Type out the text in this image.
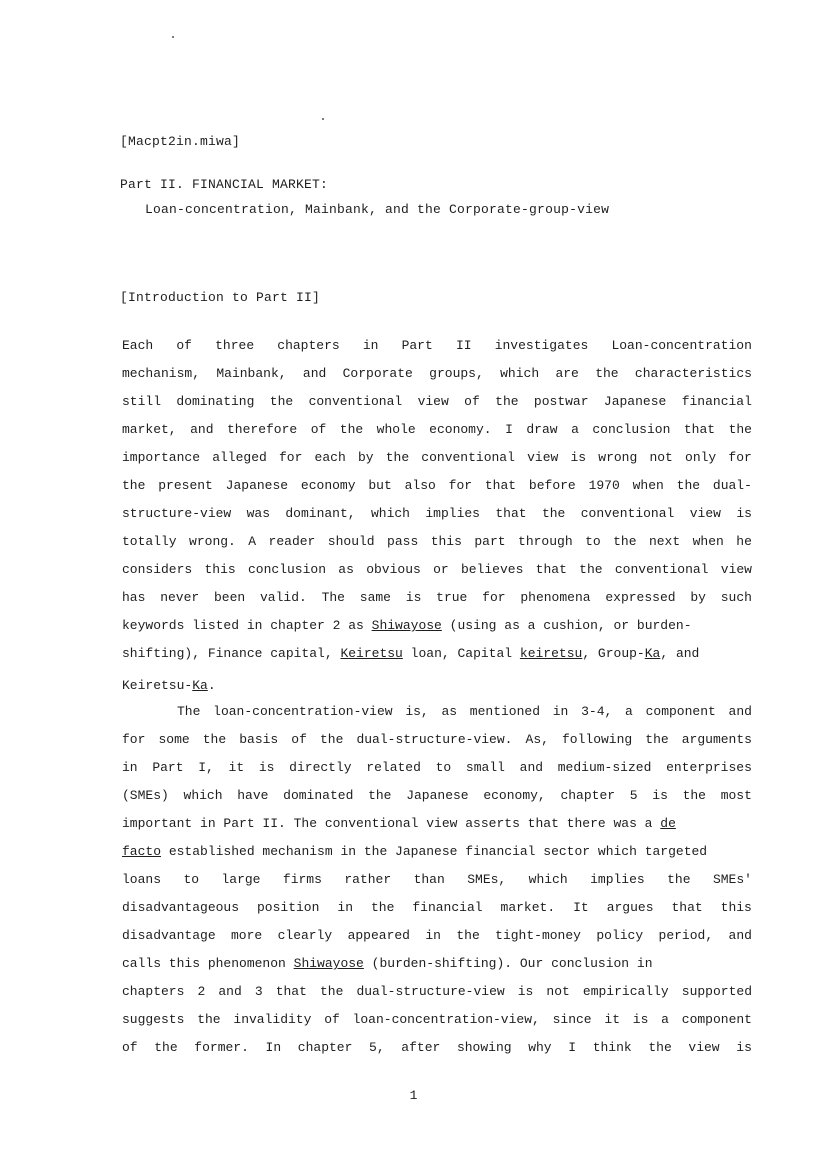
[Macpt2in.miwa]
Part II. FINANCIAL MARKET:
Loan-concentration, Mainbank, and the Corporate-group-view
[Introduction to Part II]
Each of three chapters in Part II investigates Loan-concentration
mechanism, Mainbank, and Corporate groups, which are the characteristics
still dominating the conventional view of the postwar Japanese financial
market, and therefore of the whole economy. I draw a conclusion that the
importance alleged for each by the conventional view is wrong not only for
the present Japanese economy but also for that before 1970 when the dual-
structure-view was dominant, which implies that the conventional view is
totally wrong. A reader should pass this part through to the next when he
considers this conclusion as obvious or believes that the conventional view
has never been valid. The same is true for phenomena expressed by such
keywords listed in chapter 2 as Shiwayose (using as a cushion, or burden-
shifting), Finance capital, Keiretsu loan, Capital keiretsu , Group- Ka , and
Keiretsu- Ka .
The loan-concentration-view is, as mentioned in 3-4, a component and
for some the basis of the dual-structure-view. As, following the arguments
in Part I, it is directly related to small and medium-sized enterprises
(SMEs) which have dominated the Japanese economy, chapter 5 is the most
important in Part II. The conventional view asserts that there was a de
facto established mechanism in the Japanese financial sector which targeted
loans to large firms rather than SMEs, which implies the SMEs'
disadvantageous position in the financial market. It argues that this
disadvantage more clearly appeared in the tight-money policy period, and
calls this phenomenon Shiwayose (burden-shifting). Our conclusion in
chapters 2 and 3 that the dual-structure-view is not empirically supported
suggests the invalidity of loan-concentration-view, since it is a component
of the former. In chapter 5, after showing why I think the view is
1
